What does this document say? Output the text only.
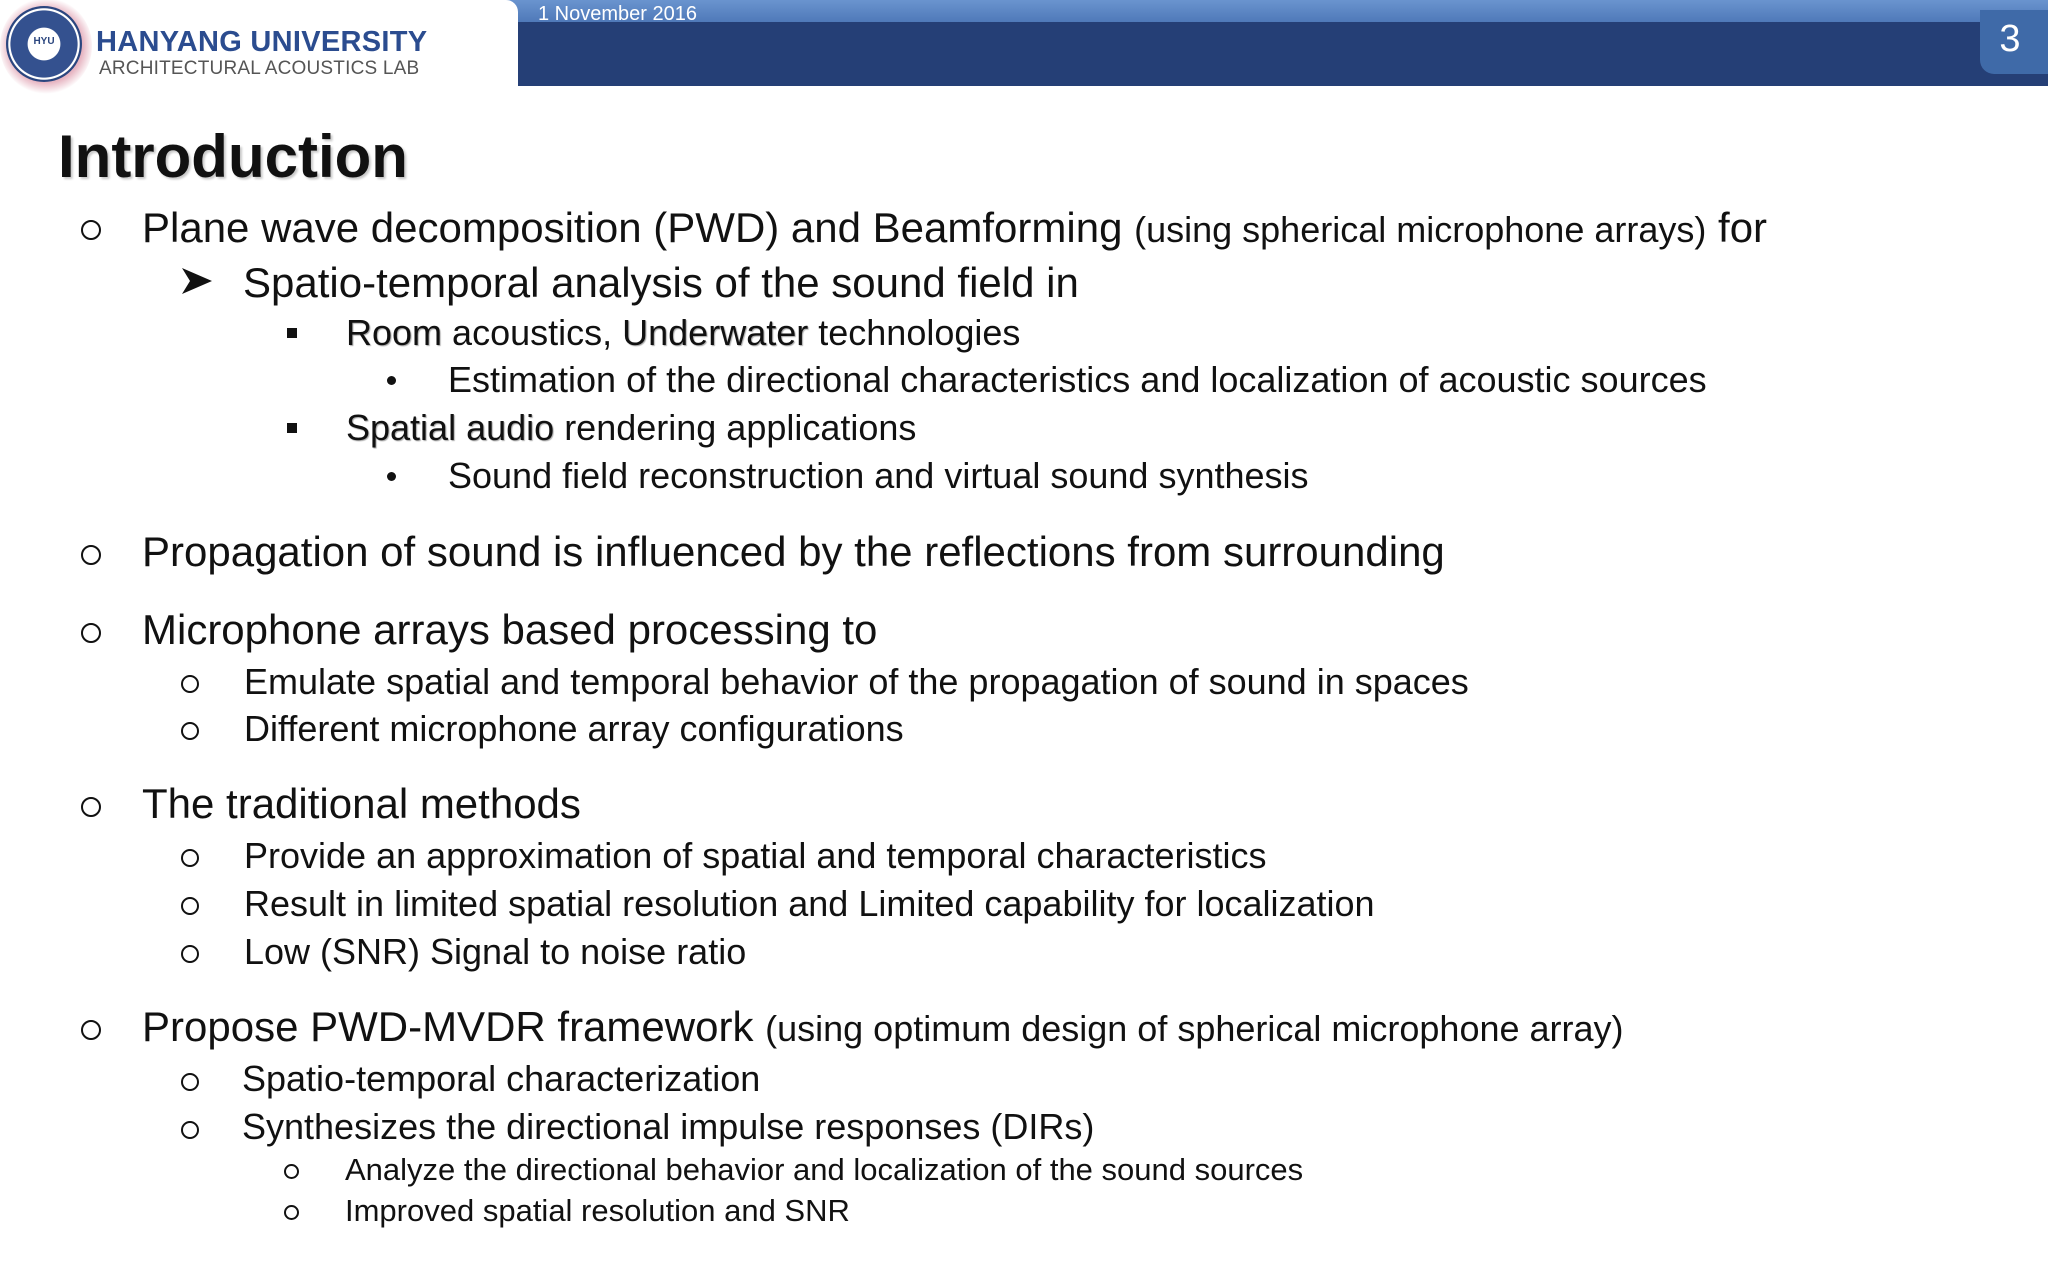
HYU	HANYANG UNIVERSITY
ARCHITECTURAL ACOUSTICS LAB
1 November 2016
3
Introduction
Plane wave decomposition (PWD) and Beamforming (using spherical microphone arrays) for
Spatio-temporal analysis of the sound field in
Room acoustics, Underwater technologies
Estimation of the directional characteristics and localization of acoustic sources
Spatial audio rendering applications
Sound field reconstruction and virtual sound synthesis
Propagation of sound is influenced by the reflections from surrounding
Microphone arrays based processing to
Emulate spatial and temporal behavior of the propagation of sound in spaces
Different microphone array configurations
The traditional methods
Provide an approximation of spatial and temporal characteristics
Result in limited spatial resolution and Limited capability for localization
Low (SNR) Signal to noise ratio
Propose PWD-MVDR framework (using optimum design of spherical microphone array)
Spatio-temporal characterization
Synthesizes the directional impulse responses (DIRs)
Analyze the directional behavior and localization of the sound sources
Improved spatial resolution and SNR
